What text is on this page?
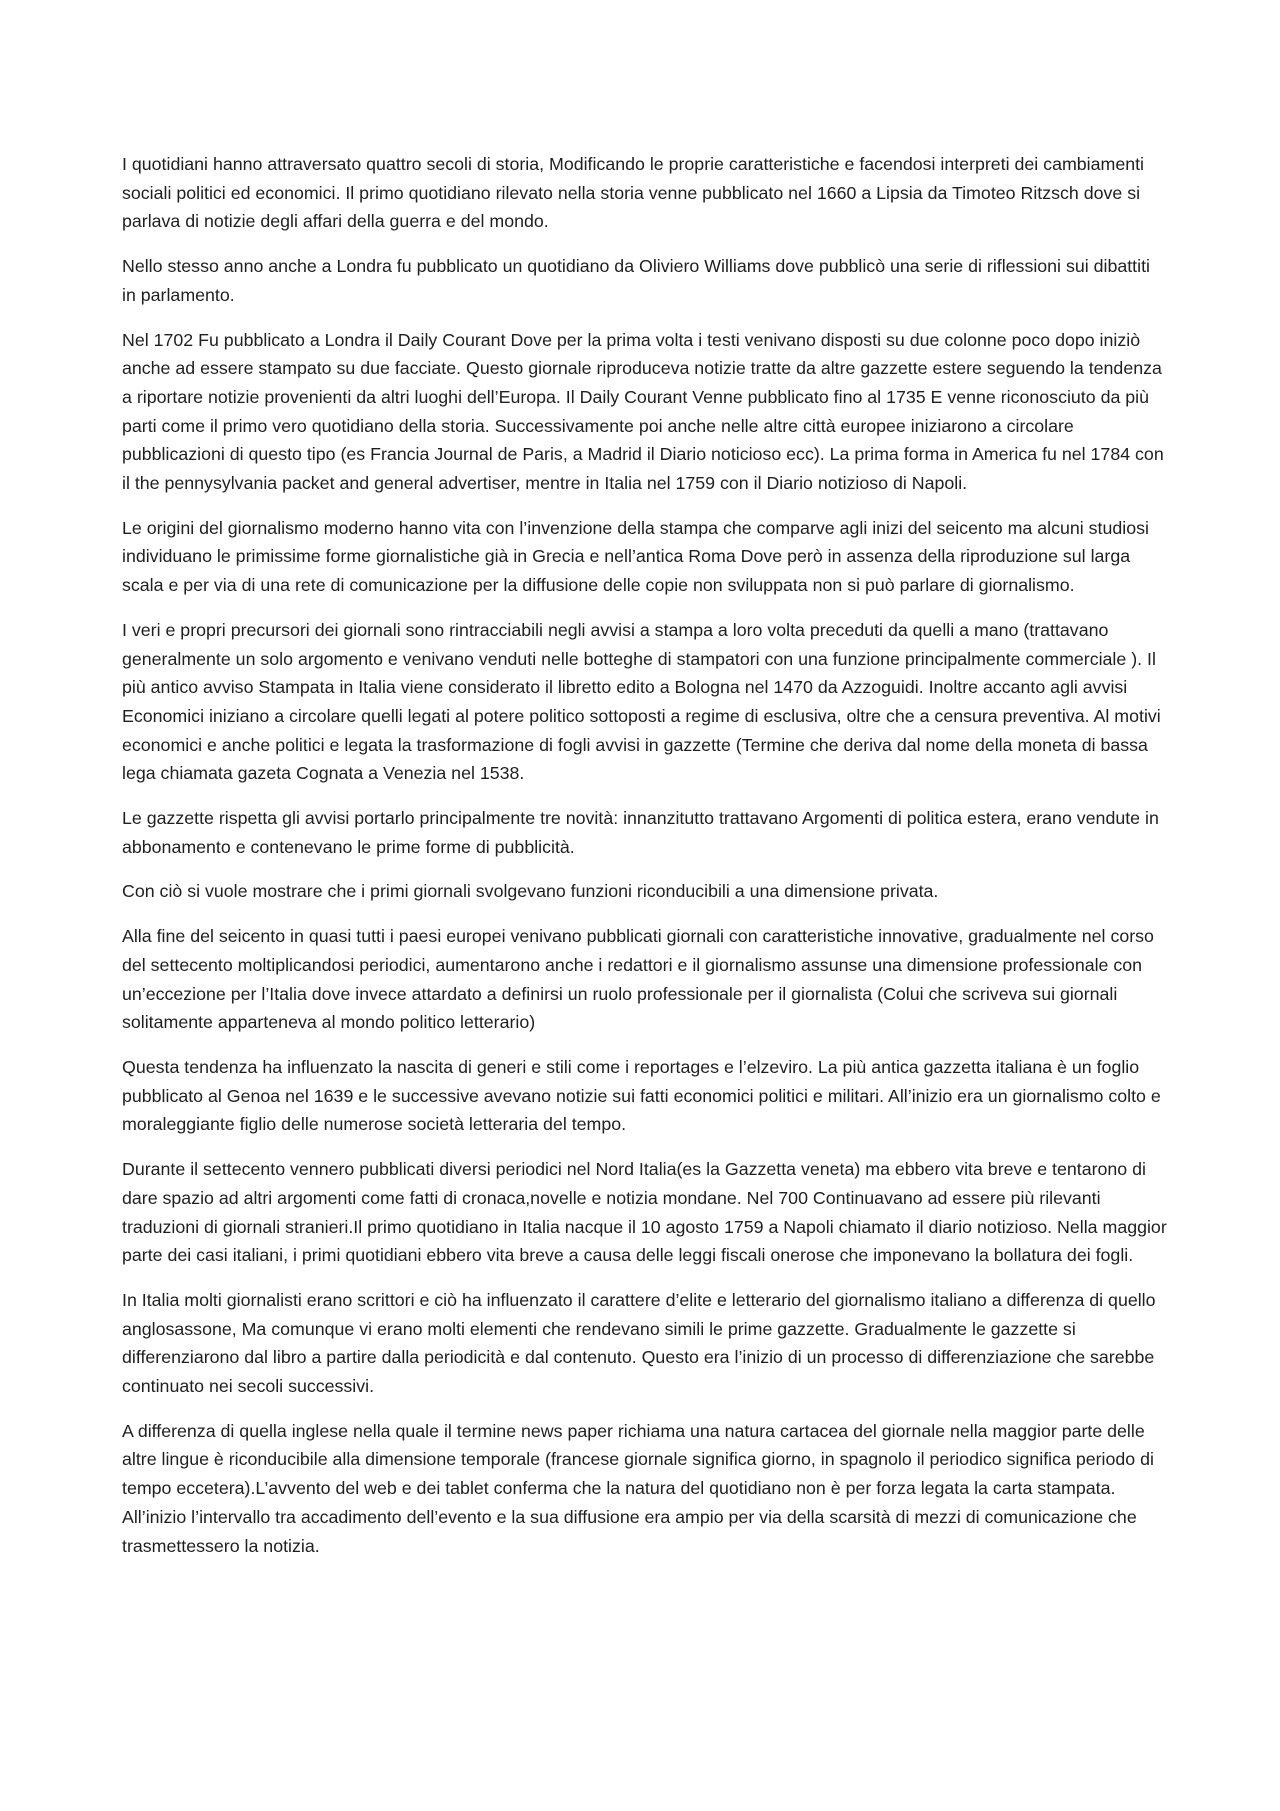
I quotidiani hanno attraversato quattro secoli di storia, Modificando le proprie caratteristiche e facendosi interpreti dei cambiamenti sociali politici ed economici. Il primo quotidiano rilevato nella storia venne pubblicato nel 1660 a Lipsia da Timoteo Ritzsch dove si parlava di notizie degli affari della guerra e del mondo.

Nello stesso anno anche a Londra fu pubblicato un quotidiano da Oliviero Williams dove pubblicò una serie di riflessioni sui dibattiti in parlamento.

Nel 1702 Fu pubblicato a Londra il Daily Courant Dove per la prima volta i testi venivano disposti su due colonne poco dopo iniziò anche ad essere stampato su due facciate. Questo giornale riproduceva notizie tratte da altre gazzette estere seguendo la tendenza a riportare notizie provenienti da altri luoghi dell’Europa. Il Daily Courant Venne pubblicato fino al 1735 E venne riconosciuto da più parti come il primo vero quotidiano della storia. Successivamente poi anche nelle altre città europee iniziarono a circolare pubblicazioni di questo tipo (es Francia Journal de Paris, a Madrid il Diario noticioso ecc). La prima forma in America fu nel 1784 con il the pennysylvania packet and general advertiser, mentre in Italia nel 1759 con il Diario notizioso di Napoli.

Le origini del giornalismo moderno hanno vita con l’invenzione della stampa che comparve agli inizi del seicento ma alcuni studiosi individuano le primissime forme giornalistiche già in Grecia e nell’antica Roma Dove però in assenza della riproduzione sul larga scala e per via di una rete di comunicazione per la diffusione delle copie non sviluppata non si può parlare di giornalismo.

I veri e propri precursori dei giornali sono rintracciabili negli avvisi a stampa a loro volta preceduti da quelli a mano (trattavano generalmente un solo argomento e venivano venduti nelle botteghe di stampatori con una funzione principalmente commerciale ). Il più antico avviso Stampata in Italia viene considerato il libretto edito a Bologna nel 1470 da Azzoguidi. Inoltre accanto agli avvisi Economici iniziano a circolare quelli legati al potere politico sottoposti a regime di esclusiva, oltre che a censura preventiva. Al motivi economici e anche politici e legata la trasformazione di fogli avvisi in gazzette (Termine che deriva dal nome della moneta di bassa lega chiamata gazeta Cognata a Venezia nel 1538.

Le gazzette rispetta gli avvisi portarlo principalmente tre novità: innanzitutto trattavano Argomenti di politica estera, erano vendute in abbonamento e contenevano le prime forme di pubblicità.

Con ciò si vuole mostrare che i primi giornali svolgevano funzioni riconducibili a una dimensione privata.

Alla fine del seicento in quasi tutti i paesi europei venivano pubblicati giornali con caratteristiche innovative, gradualmente nel corso del settecento moltiplicandosi periodici, aumentarono anche i redattori e il giornalismo assunse una dimensione professionale con un’eccezione per l’Italia dove invece attardato a definirsi un ruolo professionale per il giornalista (Colui che scriveva sui giornali solitamente apparteneva al mondo politico letterario)

Questa tendenza ha influenzato la nascita di generi e stili come i reportages e l’elzeviro. La più antica gazzetta italiana è un foglio pubblicato al Genoa nel 1639 e le successive avevano notizie sui fatti economici politici e militari. All’inizio era un giornalismo colto e moraleggiante figlio delle numerose società letteraria del tempo.

Durante il settecento vennero pubblicati diversi periodici nel Nord Italia(es la Gazzetta veneta) ma ebbero vita breve e tentarono di dare spazio ad altri argomenti come fatti di cronaca,novelle e notizia mondane. Nel 700 Continuavano ad essere più rilevanti traduzioni di giornali stranieri.Il primo quotidiano in Italia nacque il 10 agosto 1759 a Napoli chiamato il diario notizioso. Nella maggior parte dei casi italiani, i primi quotidiani ebbero vita breve a causa delle leggi fiscali onerose che imponevano la bollatura dei fogli.

In Italia molti giornalisti erano scrittori e ciò ha influenzato il carattere d’elite e letterario del giornalismo italiano a differenza di quello anglosassone, Ma comunque vi erano molti elementi che rendevano simili le prime gazzette. Gradualmente le gazzette si differenziarono dal libro a partire dalla periodicità e dal contenuto. Questo era l’inizio di un processo di differenziazione che sarebbe continuato nei secoli successivi.

A differenza di quella inglese nella quale il termine news paper richiama una natura cartacea del giornale nella maggior parte delle altre lingue è riconducibile alla dimensione temporale (francese giornale significa giorno, in spagnolo il periodico significa periodo di tempo eccetera).L’avvento del web e dei tablet conferma che la natura del quotidiano non è per forza legata la carta stampata. All’inizio l’intervallo tra accadimento dell’evento e la sua diffusione era ampio per via della scarsità di mezzi di comunicazione che trasmettessero la notizia.
